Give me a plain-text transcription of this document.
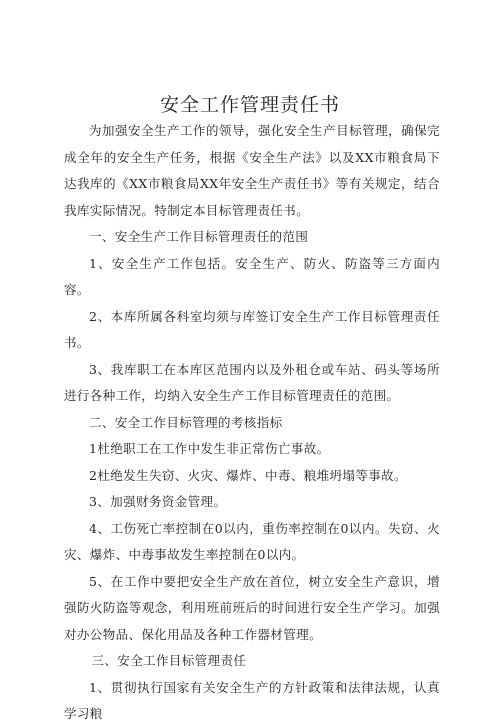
安全工作管理责任书

为加强安全生产工作的领导，强化安全生产目标管理，确保完成全年的安全生产任务，根据《安全生产法》以及XX市粮食局下达我库的《XX市粮食局XX年安全生产责任书》等有关规定，结合我库实际情况。特制定本目标管理责任书。

一、安全生产工作目标管理责任的范围

1、安全生产工作包括。安全生产、防火、防盗等三方面内容。

2、本库所属各科室均须与库签订安全生产工作目标管理责任书。

3、我库职工在本库区范围内以及外租仓或车站、码头等场所进行各种工作，均纳入安全生产工作目标管理责任的范围。

二、安全工作目标管理的考核指标

1杜绝职工在工作中发生非正常伤亡事故。

2杜绝发生失窃、火灾、爆炸、中毒、粮堆坍塌等事故。

3、加强财务资金管理。

4、工伤死亡率控制在0以内，重伤率控制在0以内。失窃、火灾、爆炸、中毒事故发生率控制在0以内。

5、在工作中要把安全生产放在首位，树立安全生产意识，增强防火防盗等观念，利用班前班后的时间进行安全生产学习。加强对办公物品、保化用品及各种工作器材管理。

三、安全工作目标管理责任

1、贯彻执行国家有关安全生产的方针政策和法律法规，认真学习粮
